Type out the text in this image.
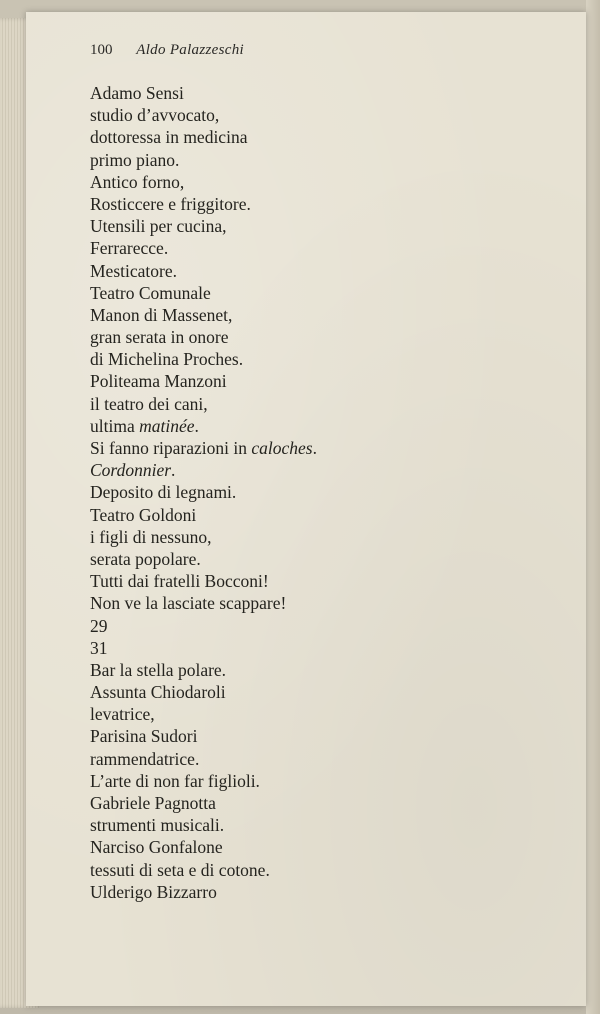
100 Aldo Palazzeschi
Adamo Sensi
studio d’avvocato,
dottoressa in medicina
primo piano.
Antico forno,
Rosticcere e friggitore.
Utensili per cucina,
Ferrarecce.
Mesticatore.
Teatro Comunale
Manon di Massenet,
gran serata in onore
di Michelina Proches.
Politeama Manzoni
il teatro dei cani,
ultima matinée.
Si fanno riparazioni in caloches.
Cordonnier.
Deposito di legnami.
Teatro Goldoni
i figli di nessuno,
serata popolare.
Tutti dai fratelli Bocconi!
Non ve la lasciate scappare!
29
31
Bar la stella polare.
Assunta Chiodaroli
levatrice,
Parisina Sudori
rammendatrice.
L’arte di non far figlioli.
Gabriele Pagnotta
strumenti musicali.
Narciso Gonfalone
tessuti di seta e di cotone.
Ulderigo Bizzarro
